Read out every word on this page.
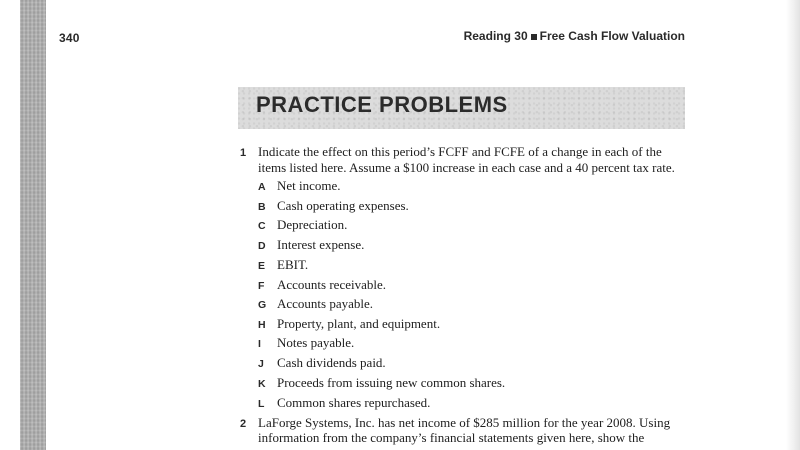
340	Reading 30 Free Cash Flow Valuation
PRACTICE PROBLEMS
1 Indicate the effect on this period’s FCFF and FCFE of a change in each of the
items listed here. Assume a $100 increase in each case and a 40 percent tax rate.
A Net income.
B Cash operating expenses.
C Depreciation.
D Interest expense.
E EBIT.
F Accounts receivable.
G Accounts payable.
H Property, plant, and equipment.
I Notes payable.
J Cash dividends paid.
K Proceeds from issuing new common shares.
L Common shares repurchased.
2 LaForge Systems, Inc. has net income of $285 million for the year 2008. Using
information from the company’s financial statements given here, show the
